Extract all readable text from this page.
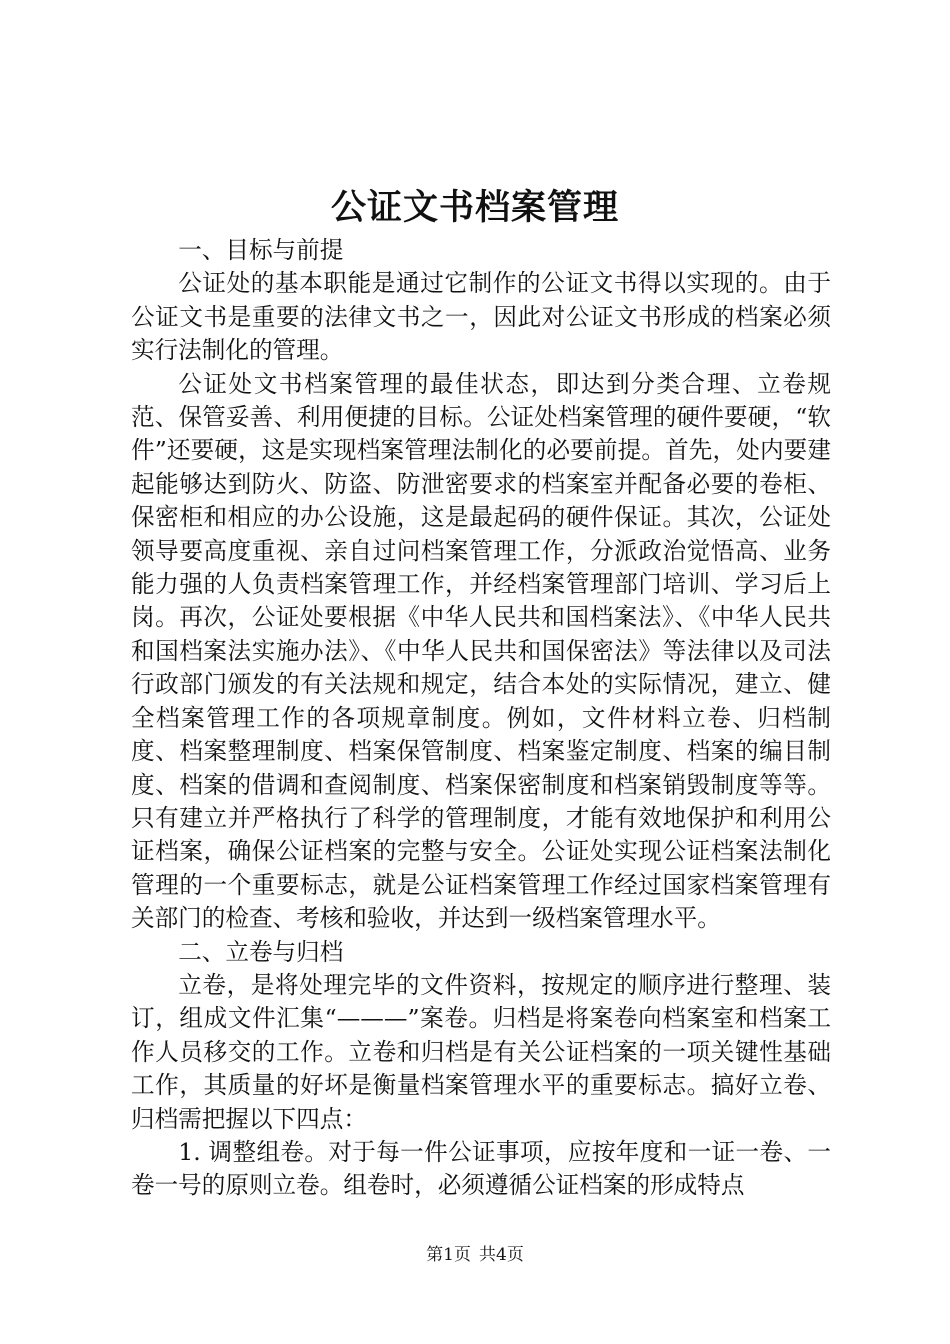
公证文书档案管理

一、目标与前提

公证处的基本职能是通过它制作的公证文书得以实现的。由于公证文书是重要的法律文书之一，因此对公证文书形成的档案必须实行法制化的管理。

公证处文书档案管理的最佳状态，即达到分类合理、立卷规范、保管妥善、利用便捷的目标。公证处档案管理的硬件要硬，“软件”还要硬，这是实现档案管理法制化的必要前提。首先，处内要建起能够达到防火、防盗、防泄密要求的档案室并配备必要的卷柜、保密柜和相应的办公设施，这是最起码的硬件保证。其次，公证处领导要高度重视、亲自过问档案管理工作，分派政治觉悟高、业务能力强的人负责档案管理工作，并经档案管理部门培训、学习后上岗。再次，公证处要根据《中华人民共和国档案法》、《中华人民共和国档案法实施办法》、《中华人民共和国保密法》等法律以及司法行政部门颁发的有关法规和规定，结合本处的实际情况，建立、健全档案管理工作的各项规章制度。例如，文件材料立卷、归档制度、档案整理制度、档案保管制度、档案鉴定制度、档案的编目制度、档案的借调和查阅制度、档案保密制度和档案销毁制度等等。只有建立并严格执行了科学的管理制度，才能有效地保护和利用公证档案，确保公证档案的完整与安全。公证处实现公证档案法制化管理的一个重要标志，就是公证档案管理工作经过国家档案管理有关部门的检查、考核和验收，并达到一级档案管理水平。

二、立卷与归档

立卷，是将处理完毕的文件资料，按规定的顺序进行整理、装订，组成文件汇集“———”案卷。归档是将案卷向档案室和档案工作人员移交的工作。立卷和归档是有关公证档案的一项关键性基础工作，其质量的好坏是衡量档案管理水平的重要标志。搞好立卷、归档需把握以下四点：

1. 调整组卷。对于每一件公证事项，应按年度和一证一卷、一卷一号的原则立卷。组卷时，必须遵循公证档案的形成特点

第1页 共4页
